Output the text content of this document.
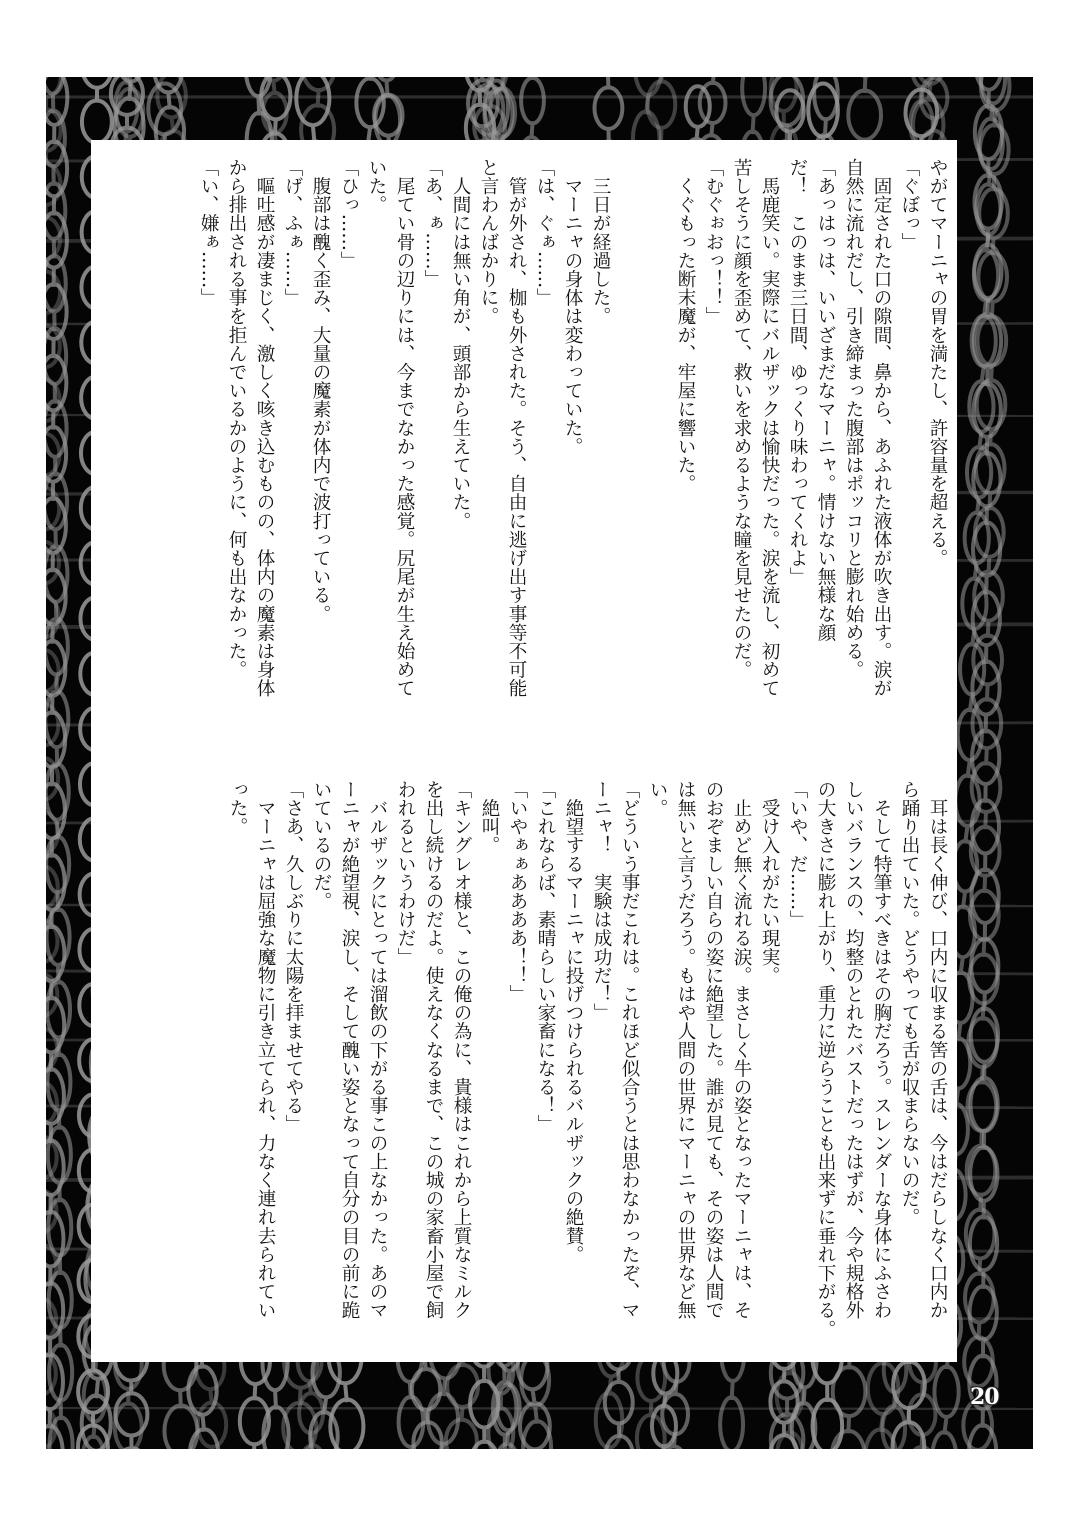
やがてマーニャの胃を満たし、許容量を超える。
「ぐぼっ」
　固定された口の隙間、鼻から、あふれた液体が吹き出す。涙が
自然に流れだし、引き締まった腹部はポッコリと膨れ始める。
「あっはっは、いいざまだなマーニャ。情けない無様な顔
だ！　このまま三日間、ゆっくり味わってくれよ」
　馬鹿笑い。実際にバルザックは愉快だった。涙を流し、初めて
苦しそうに顔を歪めて、救いを求めるような瞳を見せたのだ。
「むぐぉおっ！！」
　くぐもった断末魔が、牢屋に響いた。
　三日が経過した。
　マーニャの身体は変わっていた。
「は、ぐぁ……」
　管が外され、枷も外された。そう、自由に逃げ出す事等不可能
と言わんばかりに。
　人間には無い角が、頭部から生えていた。
「あ、ぁ……」
　尾てい骨の辺りには、今までなかった感覚。尻尾が生え始めて
いた。
「ひっ……」
　腹部は醜く歪み、大量の魔素が体内で波打っている。
「げ、ふぁ……」
　嘔吐感が凄まじく、激しく咳き込むものの、体内の魔素は身体
から排出される事を拒んでいるかのように、何も出なかった。
「い、嫌ぁ……」
　耳は長く伸び、口内に収まる筈の舌は、今はだらしなく口内か
ら踊り出ていた。どうやっても舌が収まらないのだ。
　そして特筆すべきはその胸だろう。スレンダーな身体にふさわ
しいバランスの、均整のとれたバストだったはずが、今や規格外
の大きさに膨れ上がり、重力に逆らうことも出来ずに垂れ下がる。
「いや、だ……」
　受け入れがたい現実。
　止めど無く流れる涙。まさしく牛の姿となったマーニャは、そ
のおぞましい自らの姿に絶望した。誰が見ても、その姿は人間で
は無いと言うだろう。もはや人間の世界にマーニャの世界など無
い。
「どういう事だこれは。これほど似合うとは思わなかったぞ、マ
ーニャ！　実験は成功だ！」
　絶望するマーニャに投げつけられるバルザックの絶賛。
「これならば、素晴らしい家畜になる！」
「いやぁぁああああ！！」
　絶叫。
「キングレオ様と、この俺の為に、貴様はこれから上質なミルク
を出し続けるのだよ。使えなくなるまで、この城の家畜小屋で飼
われるというわけだ」
　バルザックにとっては溜飲の下がる事この上なかった。あのマ
ーニャが絶望視、涙し、そして醜い姿となって自分の目の前に跪
いているのだ。
「さあ、久しぶりに太陽を拝ませてやる」
　マーニャは屈強な魔物に引き立てられ、力なく連れ去られてい
った。
20
